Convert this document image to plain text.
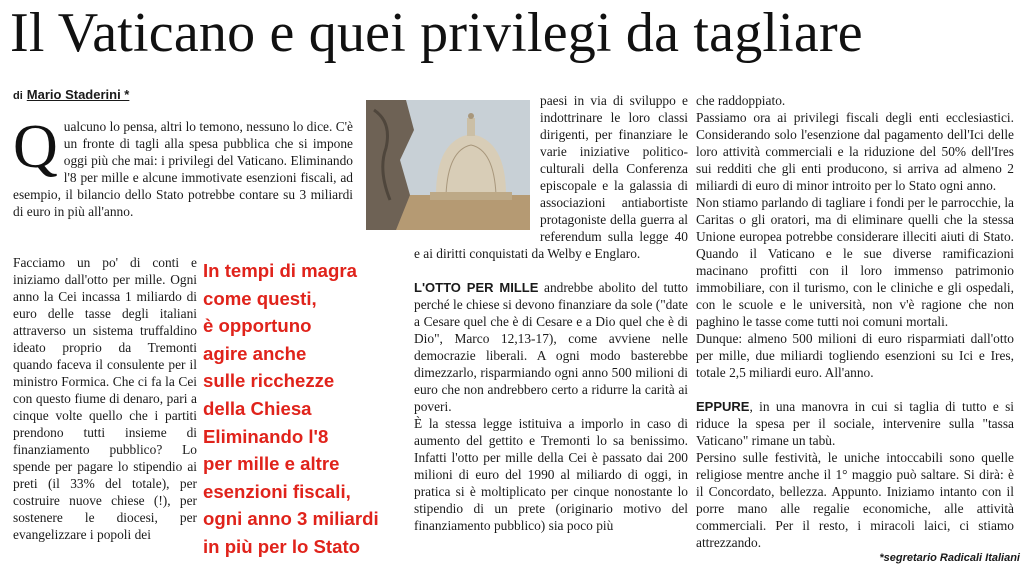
Il Vaticano e quei privilegi da tagliare
di Mario Staderini *

Qualcuno lo pensa, altri lo temono, nessuno lo dice. C'è un fronte di tagli alla spesa pubblica che si impone oggi più che mai: i privilegi del Vaticano. Eliminando l'8 per mille e alcune immotivate esenzioni fiscali, ad esempio, il bilancio dello Stato potrebbe contare su 3 miliardi di euro in più all'anno.

Facciamo un po' di conti e iniziamo dall'otto per mille. Ogni anno la Cei incassa 1 miliardo di euro delle tasse degli italiani attraverso un sistema truffaldino ideato proprio da Tremonti quando faceva il consulente per il ministro Formica. Che ci fa la Cei con questo fiume di denaro, pari a cinque volte quello che i partiti prendono tutti insieme di finanziamento pubblico? Lo spende per pagare lo stipendio ai preti (il 33% del totale), per costruire nuove chiese (!), per sostenere le diocesi, per evangelizzare i popoli dei

In tempi di magra

come questi,

è opportuno

agire anche

sulle ricchezze

della Chiesa

Eliminando l'8

per mille e altre

esenzioni fiscali,

ogni anno 3 miliardi

in più per lo Stato

paesi in via di sviluppo e indottrinare le loro classi dirigenti, per finanziare le varie iniziative politico-culturali della Conferenza episcopale e la galassia di associazioni antiabortiste protagoniste della guerra al referendum sulla legge 40 e ai diritti conquistati da Welby e Englaro.

L'OTTO PER MILLE andrebbe abolito del tutto perché le chiese si devono finanziare da sole ("date a Cesare quel che è di Cesare e a Dio quel che è di Dio", Marco 12,13-17), come avviene nelle democrazie liberali. A ogni modo basterebbe dimezzarlo, risparmiando ogni anno 500 milioni di euro che non andrebbero certo a ridurre la carità ai poveri.

È la stessa legge istituiva a imporlo in caso di aumento del gettito e Tremonti lo sa benissimo. Infatti l'otto per mille della Cei è passato dai 200 milioni di euro del 1990 al miliardo di oggi, in pratica si è moltiplicato per cinque nonostante lo stipendio di un prete (originario motivo del finanziamento pubblico) sia poco più

che raddoppiato.

Passiamo ora ai privilegi fiscali degli enti ecclesiastici. Considerando solo l'esenzione dal pagamento dell'Ici delle loro attività commerciali e la riduzione del 50% dell'Ires sui redditi che gli enti producono, si arriva ad almeno 2 miliardi di euro di minor introito per lo Stato ogni anno.

Non stiamo parlando di tagliare i fondi per le parrocchie, la Caritas o gli oratori, ma di eliminare quelli che la stessa Unione europea potrebbe considerare illeciti aiuti di Stato. Quando il Vaticano e le sue diverse ramificazioni macinano profitti con il loro immenso patrimonio immobiliare, con il turismo, con le cliniche e gli ospedali, con le scuole e le università, non v'è ragione che non paghino le tasse come tutti noi comuni mortali.

Dunque: almeno 500 milioni di euro risparmiati dall'otto per mille, due miliardi togliendo esenzioni su Ici e Ires, totale 2,5 miliardi euro. All'anno.

EPPURE, in una manovra in cui si taglia di tutto e si riduce la spesa per il sociale, intervenire sulla "tassa Vaticano" rimane un tabù.

Persino sulle festività, le uniche intoccabili sono quelle religiose mentre anche il 1° maggio può saltare. Si dirà: è il Concordato, bellezza. Appunto. Iniziamo intanto con il porre mano alle regalie economiche, alle attività commerciali. Per il resto, i miracoli laici, ci stiamo attrezzando.

*segretario Radicali Italiani
